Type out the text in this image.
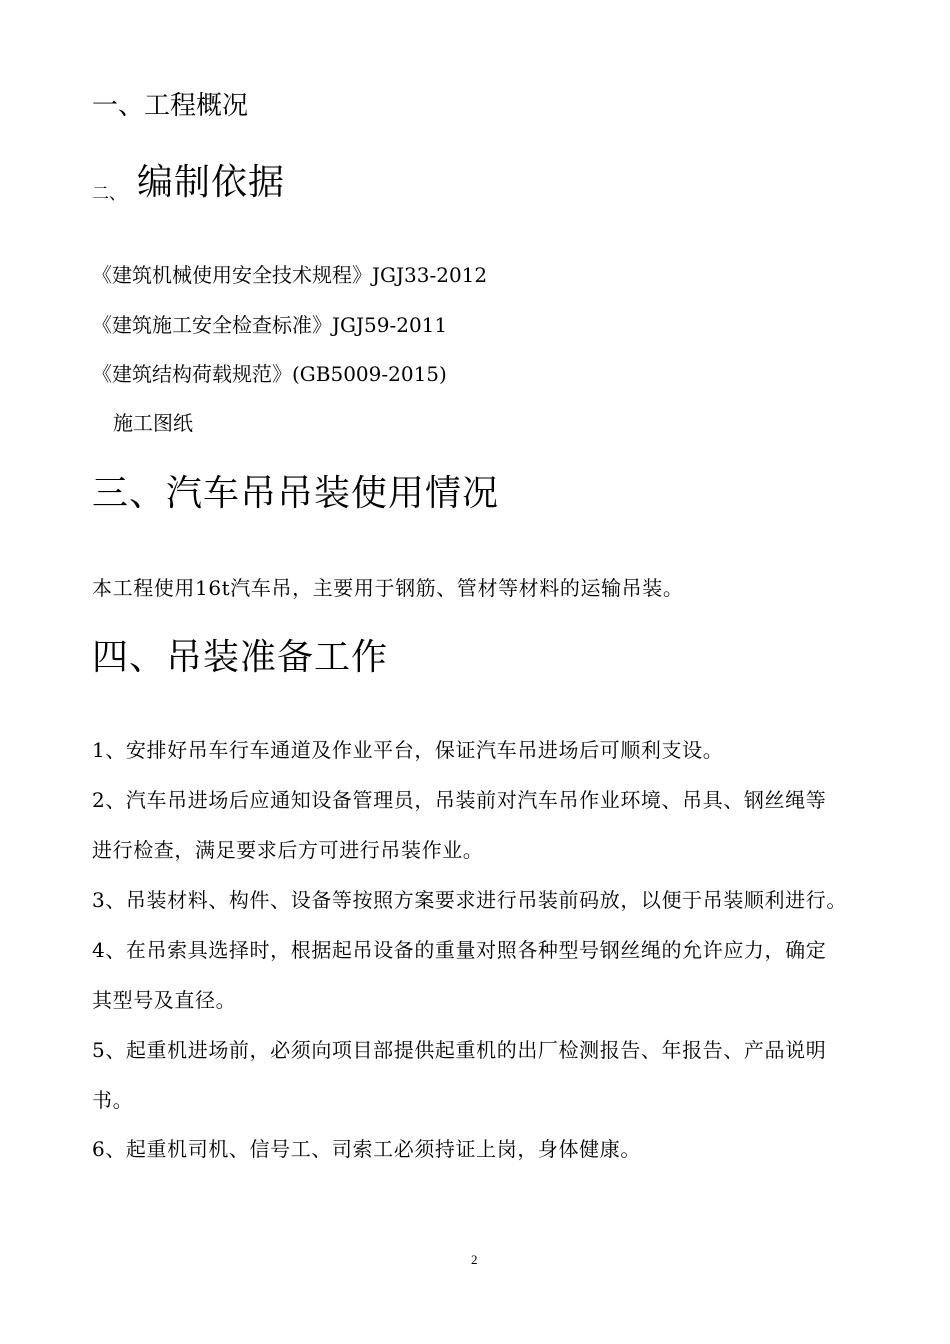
一、工程概况
二、 编制依据
《建筑机械使用安全技术规程》JGJ33-2012
《建筑施工安全检查标准》JGJ59-2011
《建筑结构荷载规范》(GB5009-2015)
施工图纸
三、汽车吊吊装使用情况
本工程使用16t汽车吊，主要用于钢筋、管材等材料的运输吊装。
四、吊装准备工作
1、安排好吊车行车通道及作业平台，保证汽车吊进场后可顺利支设。
2、汽车吊进场后应通知设备管理员，吊装前对汽车吊作业环境、吊具、钢丝绳等
进行检查，满足要求后方可进行吊装作业。
3、吊装材料、构件、设备等按照方案要求进行吊装前码放，以便于吊装顺利进行。
4、在吊索具选择时，根据起吊设备的重量对照各种型号钢丝绳的允许应力，确定
其型号及直径。
5、起重机进场前，必须向项目部提供起重机的出厂检测报告、年报告、产品说明
书。
6、起重机司机、信号工、司索工必须持证上岗，身体健康。
2
